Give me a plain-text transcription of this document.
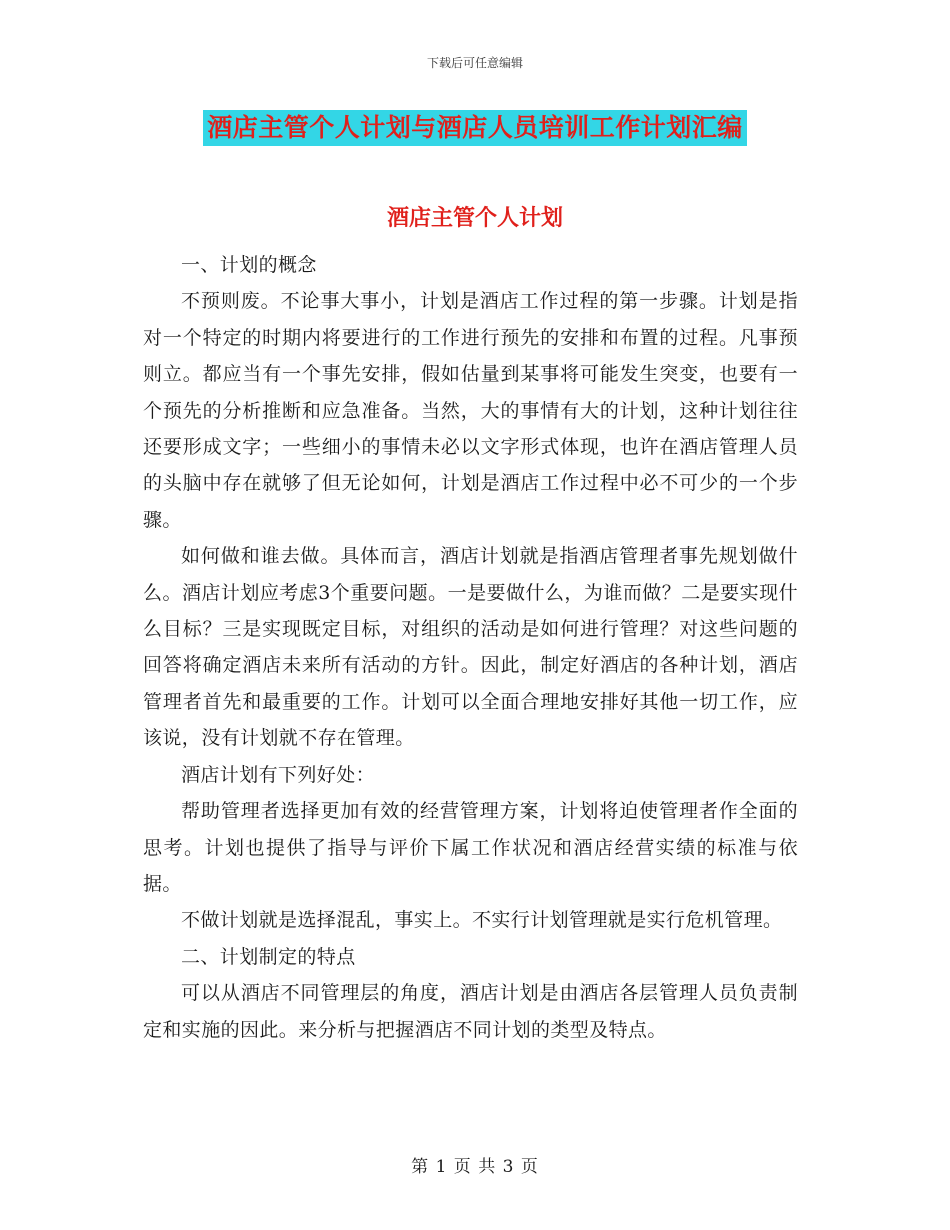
下载后可任意编辑
酒店主管个人计划与酒店人员培训工作计划汇编
酒店主管个人计划

一、计划的概念

不预则废。不论事大事小，计划是酒店工作过程的第一步骤。计划是指对一个特定的时期内将要进行的工作进行预先的安排和布置的过程。凡事预则立。都应当有一个事先安排，假如估量到某事将可能发生突变，也要有一个预先的分析推断和应急准备。当然，大的事情有大的计划，这种计划往往还要形成文字；一些细小的事情未必以文字形式体现，也许在酒店管理人员的头脑中存在就够了但无论如何，计划是酒店工作过程中必不可少的一个步骤。

如何做和谁去做。具体而言，酒店计划就是指酒店管理者事先规划做什么。酒店计划应考虑3个重要问题。一是要做什么，为谁而做？二是要实现什么目标？三是实现既定目标，对组织的活动是如何进行管理？对这些问题的回答将确定酒店未来所有活动的方针。因此，制定好酒店的各种计划，酒店管理者首先和最重要的工作。计划可以全面合理地安排好其他一切工作，应该说，没有计划就不存在管理。

酒店计划有下列好处：

帮助管理者选择更加有效的经营管理方案，计划将迫使管理者作全面的思考。计划也提供了指导与评价下属工作状况和酒店经营实绩的标准与依据。

不做计划就是选择混乱，事实上。不实行计划管理就是实行危机管理。

二、计划制定的特点

可以从酒店不同管理层的角度，酒店计划是由酒店各层管理人员负责制定和实施的因此。来分析与把握酒店不同计划的类型及特点。

第 1 页 共 3 页
